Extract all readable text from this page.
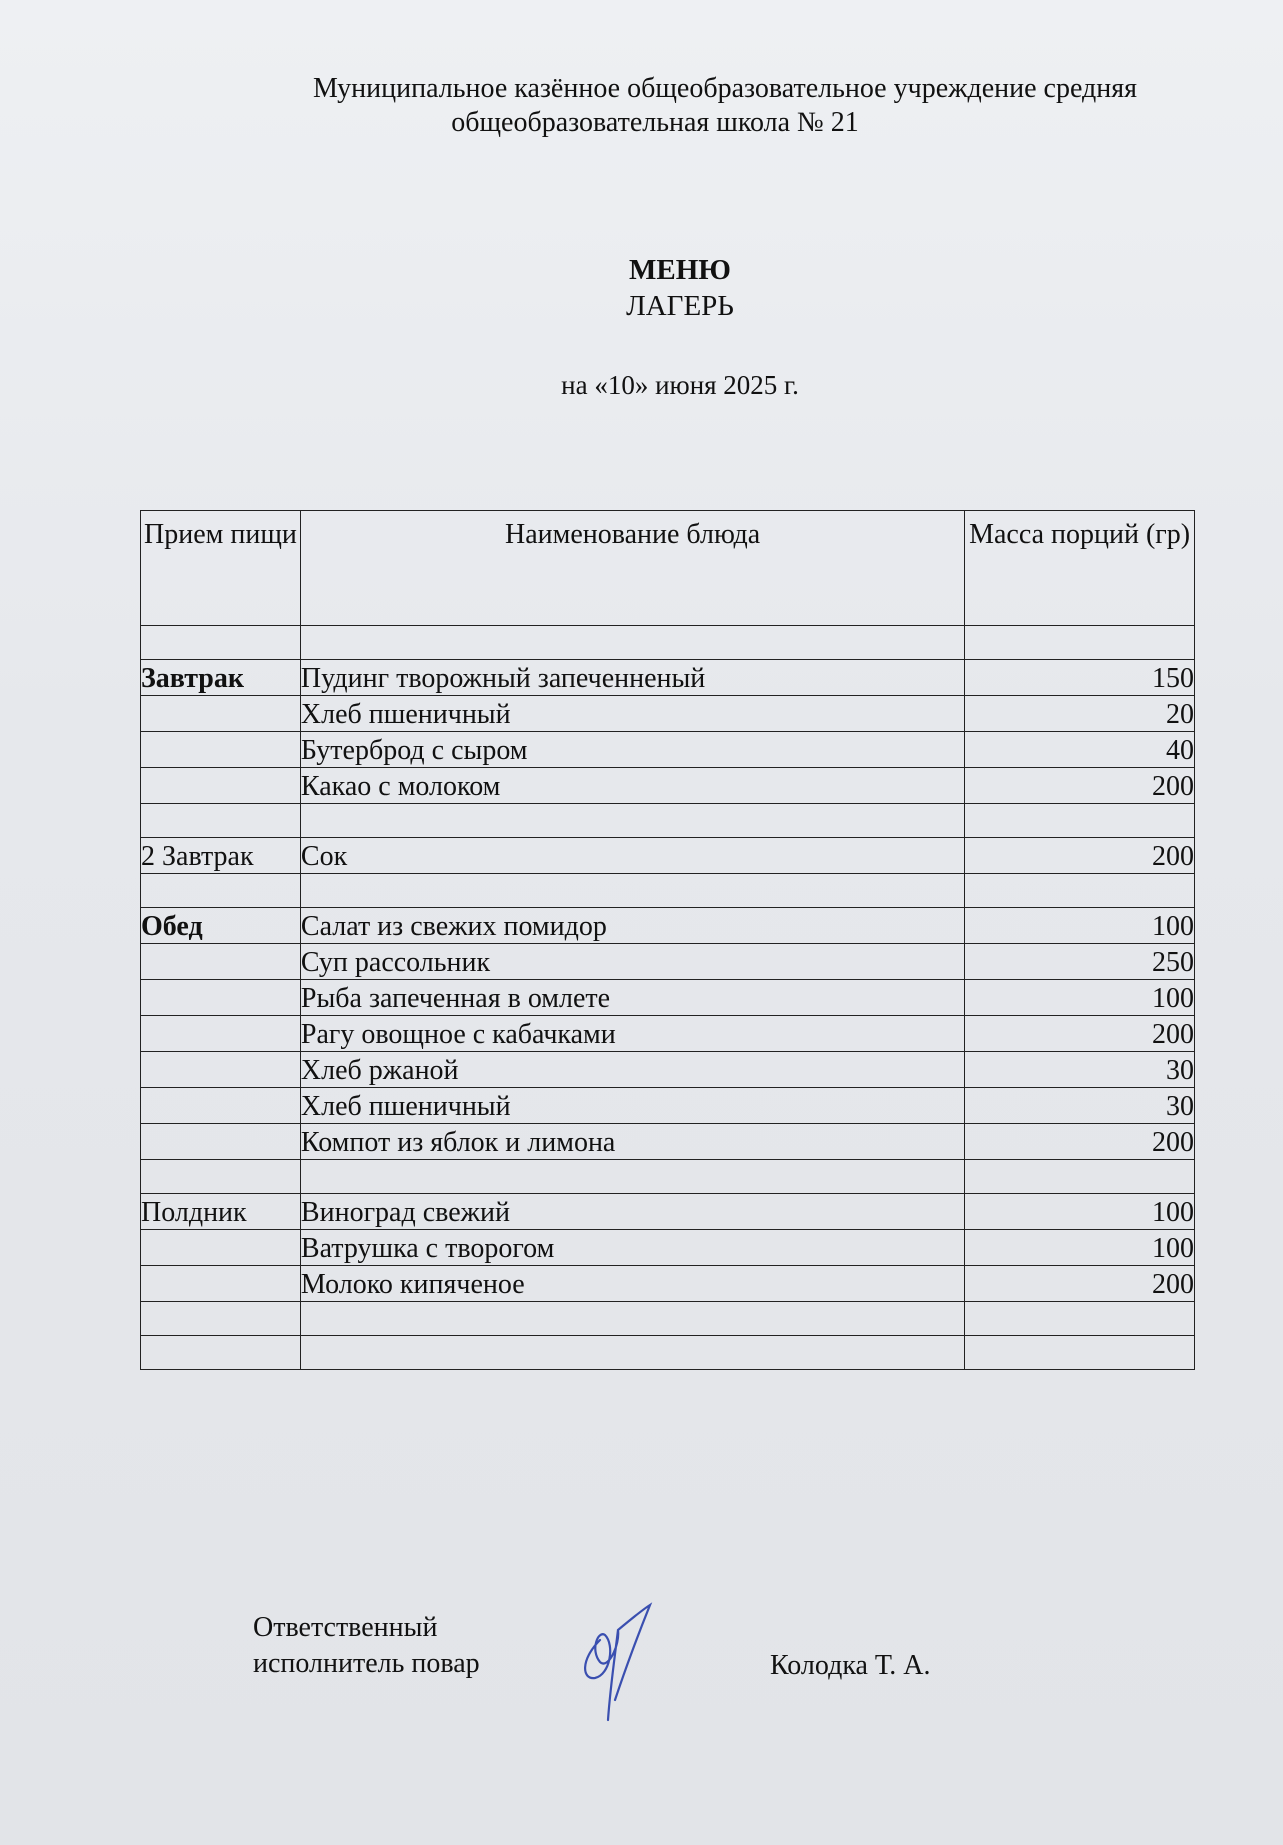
Муниципальное казённое общеобразовательное учреждение средняя
общеобразовательная школа № 21
МЕНЮ
ЛАГЕРЬ
на «10» июня 2025 г.
Прием пищи	Наименование блюда	Масса порций (гр)

Завтрак	Пудинг творожный запеченненый	150
	Хлеб пшеничный	20
	Бутерброд с сыром	40
	Какао с молоком	200

2 Завтрак	Сок	200

Обед	Салат из свежих помидор	100
	Суп рассольник	250
	Рыба запеченная в омлете	100
	Рагу овощное с кабачками	200
	Хлеб ржаной	30
	Хлеб пшеничный	30
	Компот из яблок и лимона	200

Полдник	Виноград свежий	100
	Ватрушка с творогом	100
	Молоко кипяченое	200

Ответственный
исполнитель повар	Колодка Т. А.
